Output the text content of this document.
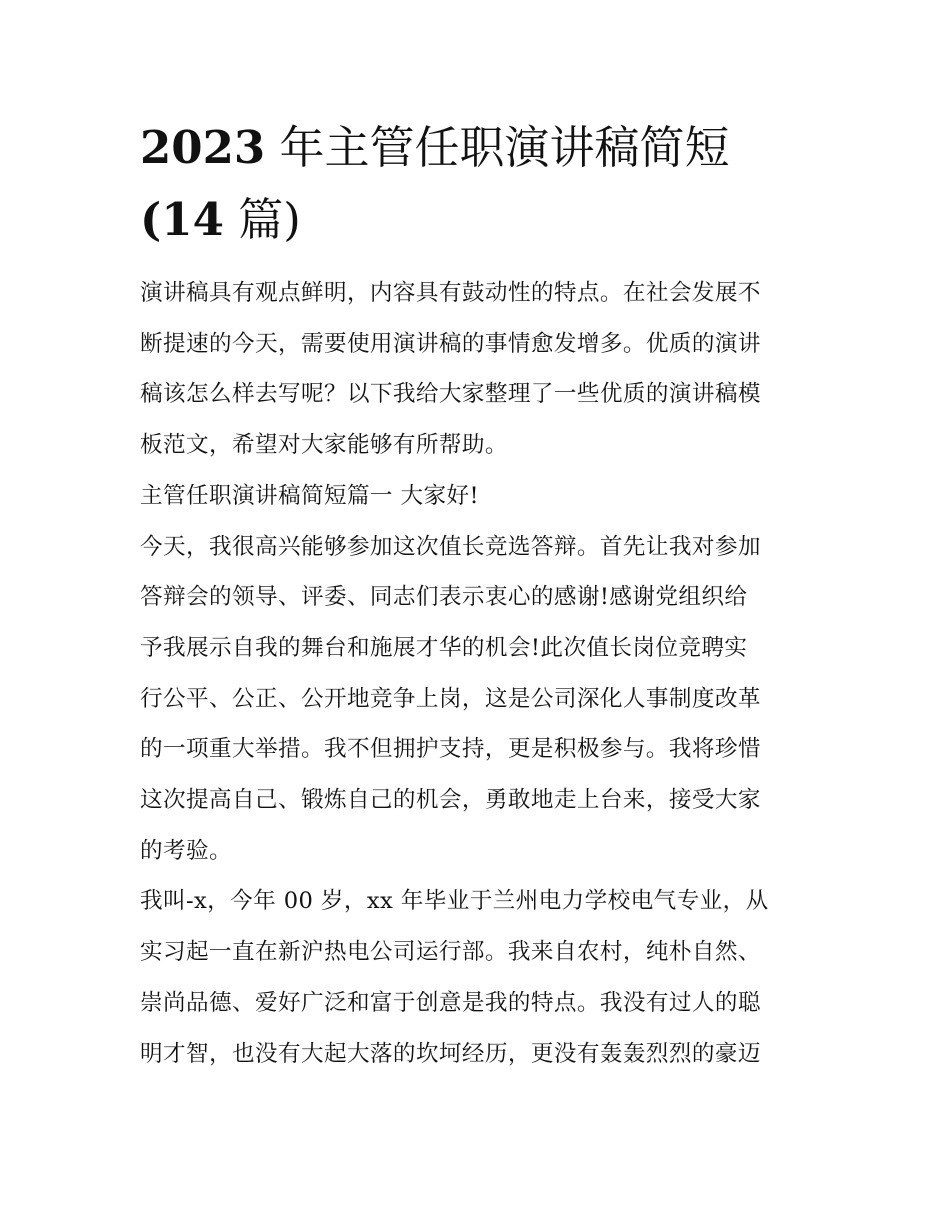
2023 年主管任职演讲稿简短
(14 篇)

演讲稿具有观点鲜明，内容具有鼓动性的特点。在社会发展不
断提速的今天，需要使用演讲稿的事情愈发增多。优质的演讲
稿该怎么样去写呢？以下我给大家整理了一些优质的演讲稿模
板范文，希望对大家能够有所帮助。

主管任职演讲稿简短篇一 大家好!

今天，我很高兴能够参加这次值长竞选答辩。首先让我对参加
答辩会的领导、评委、同志们表示衷心的感谢!感谢党组织给
予我展示自我的舞台和施展才华的机会!此次值长岗位竞聘实
行公平、公正、公开地竞争上岗，这是公司深化人事制度改革
的一项重大举措。我不但拥护支持，更是积极参与。我将珍惜
这次提高自己、锻炼自己的机会，勇敢地走上台来，接受大家
的考验。

我叫-x，今年 00 岁，xx 年毕业于兰州电力学校电气专业，从
实习起一直在新沪热电公司运行部。我来自农村，纯朴自然、
崇尚品德、爱好广泛和富于创意是我的特点。我没有过人的聪
明才智，也没有大起大落的坎坷经历，更没有轰轰烈烈的豪迈
